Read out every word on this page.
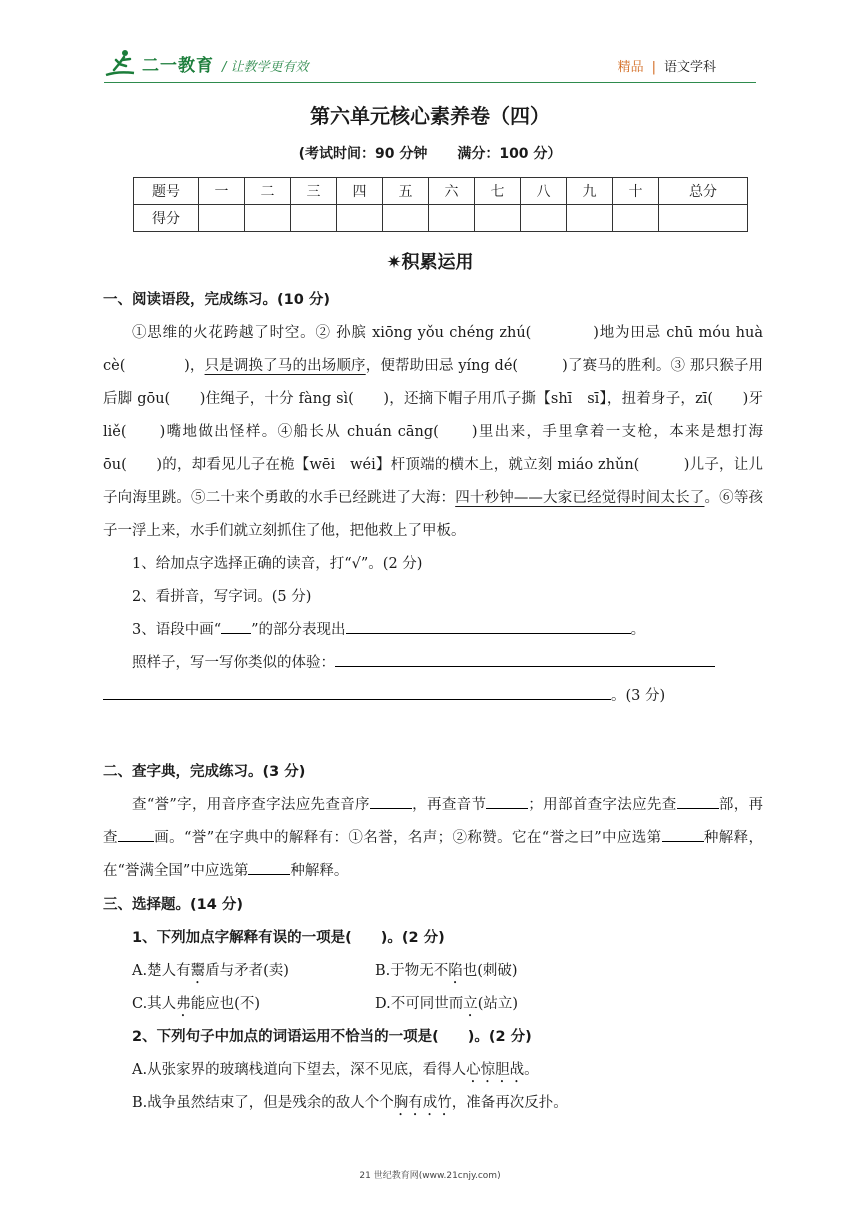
二一教育 / 让教学更有效	精品 | 语文学科
第六单元核心素养卷（四）
(考试时间：90 分钟 满分：100 分）
题号	一	二	三	四	五	六	七	八	九	十	总分
得分											
✷积累运用
一、阅读语段，完成练习。(10 分)
①思维的火花跨越了时空。② 孙膑 xiōng yǒu chéng zhú(　　　　)地为田忌 chū móu huà cè(　　　　)，只是调换了马的出场顺序，便帮助田忌 yíng dé(　　　)了赛马的胜利。③ 那只猴子用后脚 gōu(　　)住绳子，十分 fàng sì(　　)，还摘下帽子用爪子撕【shī　sī】，扭着身子，zī(　　)牙 liě(　　)嘴地做出怪样。④船长从 chuán cāng(　　)里出来，手里拿着一支枪，本来是想打海ōu(　　)的，却看见儿子在桅【wēi　wéi】杆顶端的横木上，就立刻 miáo zhǔn(　　　)儿子，让儿子向海里跳。⑤二十来个勇敢的水手已经跳进了大海：四十秒钟——大家已经觉得时间太长了。⑥等孩子一浮上来，水手们就立刻抓住了他，把他救上了甲板。
1、给加点字选择正确的读音，打“√”。(2 分)
2、看拼音，写字词。(5 分)
3、语段中画“ ”的部分表现出	。
照样子，写一写你类似的体验：
。(3 分)
二、查字典，完成练习。(3 分)
查“誉”字，用音序查字法应先查音序	，再查音节	；用部首查字法应先查	部，再查 画。“誉”在字典中的解释有：①名誉，名声；②称赞。它在“誉之曰”中应选第	种解释，在“誉满全国”中应选第	种解释。
三、选择题。(14 分)
1、下列加点字解释有误的一项是(　　)。(2 分)
A.楚人有鬻盾与矛者(卖)	B.于物无不陷也(刺破)
C.其人弗能应也(不)	D.不可同世而立(站立)
2、下列句子中加点的词语运用不恰当的一项是(　　)。(2 分)
A.从张家界的玻璃栈道向下望去，深不见底，看得人心惊胆战。
B.战争虽然结束了，但是残余的敌人个个胸有成竹，准备再次反扑。
21 世纪教育网(www.21cnjy.com)
